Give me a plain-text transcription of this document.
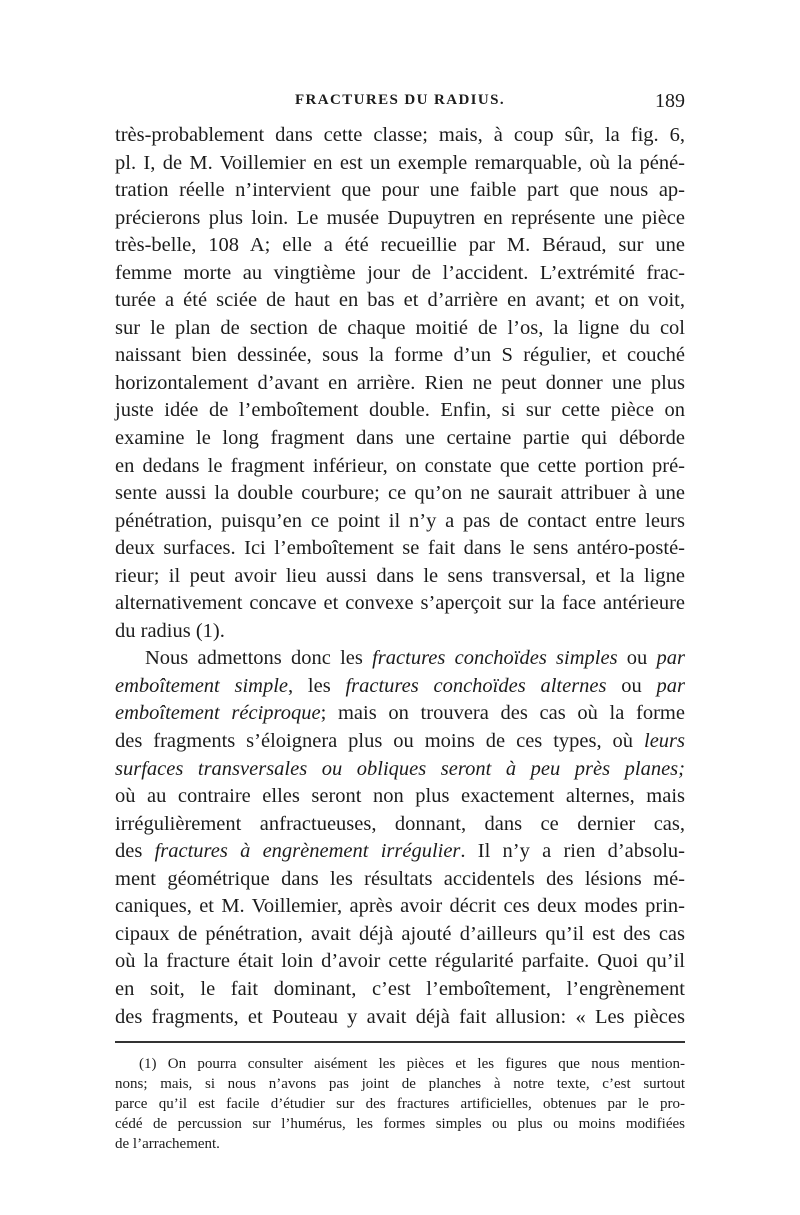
FRACTURES DU RADIUS.	189
très-probablement dans cette classe; mais, à coup sûr, la fig. 6,
pl. I, de M. Voillemier en est un exemple remarquable, où la péné-
tration réelle n’intervient que pour une faible part que nous ap-
précierons plus loin. Le musée Dupuytren en représente une pièce
très-belle, 108 A; elle a été recueillie par M. Béraud, sur une
femme morte au vingtième jour de l’accident. L’extrémité frac-
turée a été sciée de haut en bas et d’arrière en avant; et on voit,
sur le plan de section de chaque moitié de l’os, la ligne du col
naissant bien dessinée, sous la forme d’un S régulier, et couché
horizontalement d’avant en arrière. Rien ne peut donner une plus
juste idée de l’emboîtement double. Enfin, si sur cette pièce on
examine le long fragment dans une certaine partie qui déborde
en dedans le fragment inférieur, on constate que cette portion pré-
sente aussi la double courbure; ce qu’on ne saurait attribuer à une
pénétration, puisqu’en ce point il n’y a pas de contact entre leurs
deux surfaces. Ici l’emboîtement se fait dans le sens antéro-posté-
rieur; il peut avoir lieu aussi dans le sens transversal, et la ligne
alternativement concave et convexe s’aperçoit sur la face antérieure
du radius (1).
Nous admettons donc les fractures conchoïdes simples ou par
emboîtement simple, les fractures conchoïdes alternes ou par
emboîtement réciproque; mais on trouvera des cas où la forme
des fragments s’éloignera plus ou moins de ces types, où leurs
surfaces transversales ou obliques seront à peu près planes;
où au contraire elles seront non plus exactement alternes, mais
irrégulièrement anfractueuses, donnant, dans ce dernier cas,
des fractures à engrènement irrégulier. Il n’y a rien d’absolu-
ment géométrique dans les résultats accidentels des lésions mé-
caniques, et M. Voillemier, après avoir décrit ces deux modes prin-
cipaux de pénétration, avait déjà ajouté d’ailleurs qu’il est des cas
où la fracture était loin d’avoir cette régularité parfaite. Quoi qu’il
en soit, le fait dominant, c’est l’emboîtement, l’engrènement
des fragments, et Pouteau y avait déjà fait allusion: « Les pièces
(1) On pourra consulter aisément les pièces et les figures que nous mention-
nons; mais, si nous n’avons pas joint de planches à notre texte, c’est surtout
parce qu’il est facile d’étudier sur des fractures artificielles, obtenues par le pro-
cédé de percussion sur l’humérus, les formes simples ou plus ou moins modifiées
de l’arrachement.
